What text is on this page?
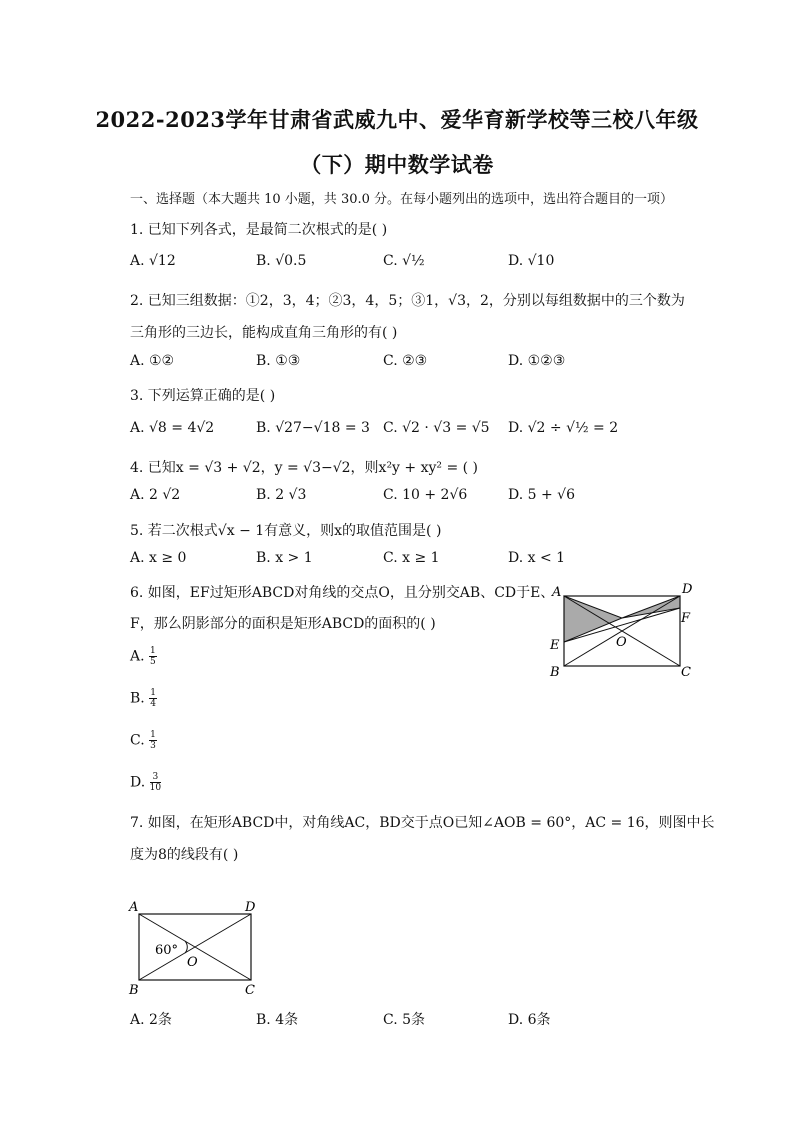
2022-2023学年甘肃省武威九中、爱华育新学校等三校八年级
（下）期中数学试卷
一、选择题（本大题共 10 小题，共 30.0 分。在每小题列出的选项中，选出符合题目的一项）
1. 已知下列各式，是最简二次根式的是( )
A. √12	B. √0.5	C. √½	D. √10
2. 已知三组数据：①2，3，4；②3，4，5；③1，√3，2，分别以每组数据中的三个数为
三角形的三边长，能构成直角三角形的有( )
A. ①②	B. ①③	C. ②③	D. ①②③
3. 下列运算正确的是( )
A. √8 = 4√2	B. √27−√18 = 3 C. √2 · √3 = √5 D. √2 ÷ √½ = 2
4. 已知x = √3 + √2，y = √3−√2，则x²y + xy² = ( )
A. 2 √2	B. 2 √3	C. 10 + 2√6	D. 5 + √6
5. 若二次根式√x − 1有意义，则x的取值范围是( )
A. x ≥ 0	B. x > 1	C. x ≥ 1	D. x < 1
6. 如图，EF过矩形ABCD对角线的交点O，且分别交AB、CD于E、
F，那么阴影部分的面积是矩形ABCD的面积的( )
A. $\frac{1}{5}$
B. $\frac{1}{4}$
C. $\frac{1}{3}$
D. $\frac{3}{10}$
A	D
F
E	O
B	C
7. 如图，在矩形ABCD中，对角线AC，BD交于点O已知∠AOB = 60°，AC = 16，则图中长
度为8的线段有( )
A	D
60°
O
B	C
A. 2条	B. 4条	C. 5条	D. 6条
